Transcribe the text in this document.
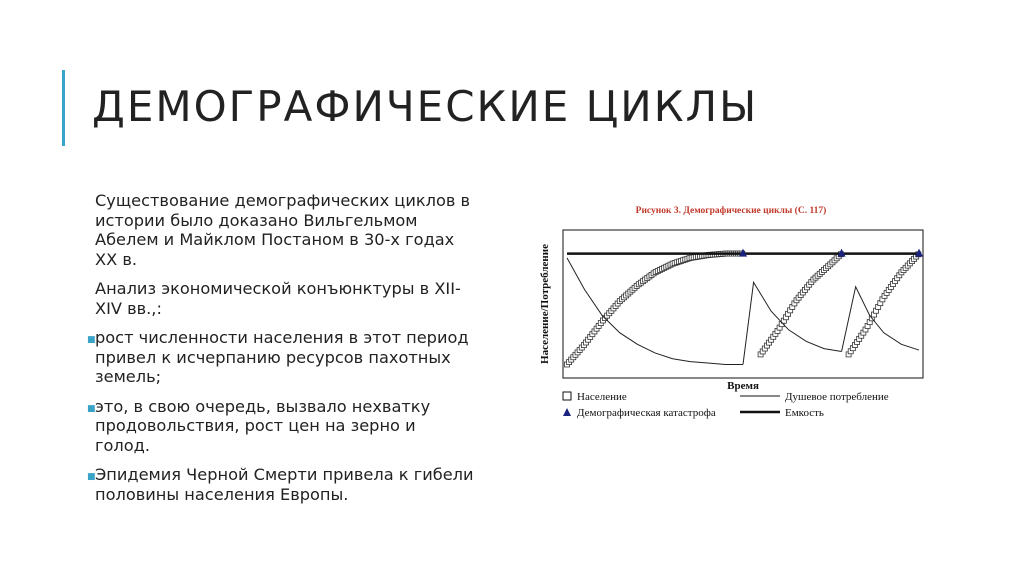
ДЕМОГРАФИЧЕСКИЕ ЦИКЛЫ

Существование демографических циклов в истории было доказано Вильгельмом Абелем и Майклом Постаном в 30-х годах XX в.

Анализ экономической конъюнктуры в XII-XIV вв.,:

■ рост численности населения в этот период привел к исчерпанию ресурсов пахотных земель;
■ это, в свою очередь, вызвало нехватку продовольствия, рост цен на зерно и голод.
■ Эпидемия Черной Смерти привела к гибели половины населения Европы.
Рисунок 3. Демографические циклы (С. 117)
Население/Потребление
Время
Население
Демографическая катастрофа
Душевое потребление
Емкость
